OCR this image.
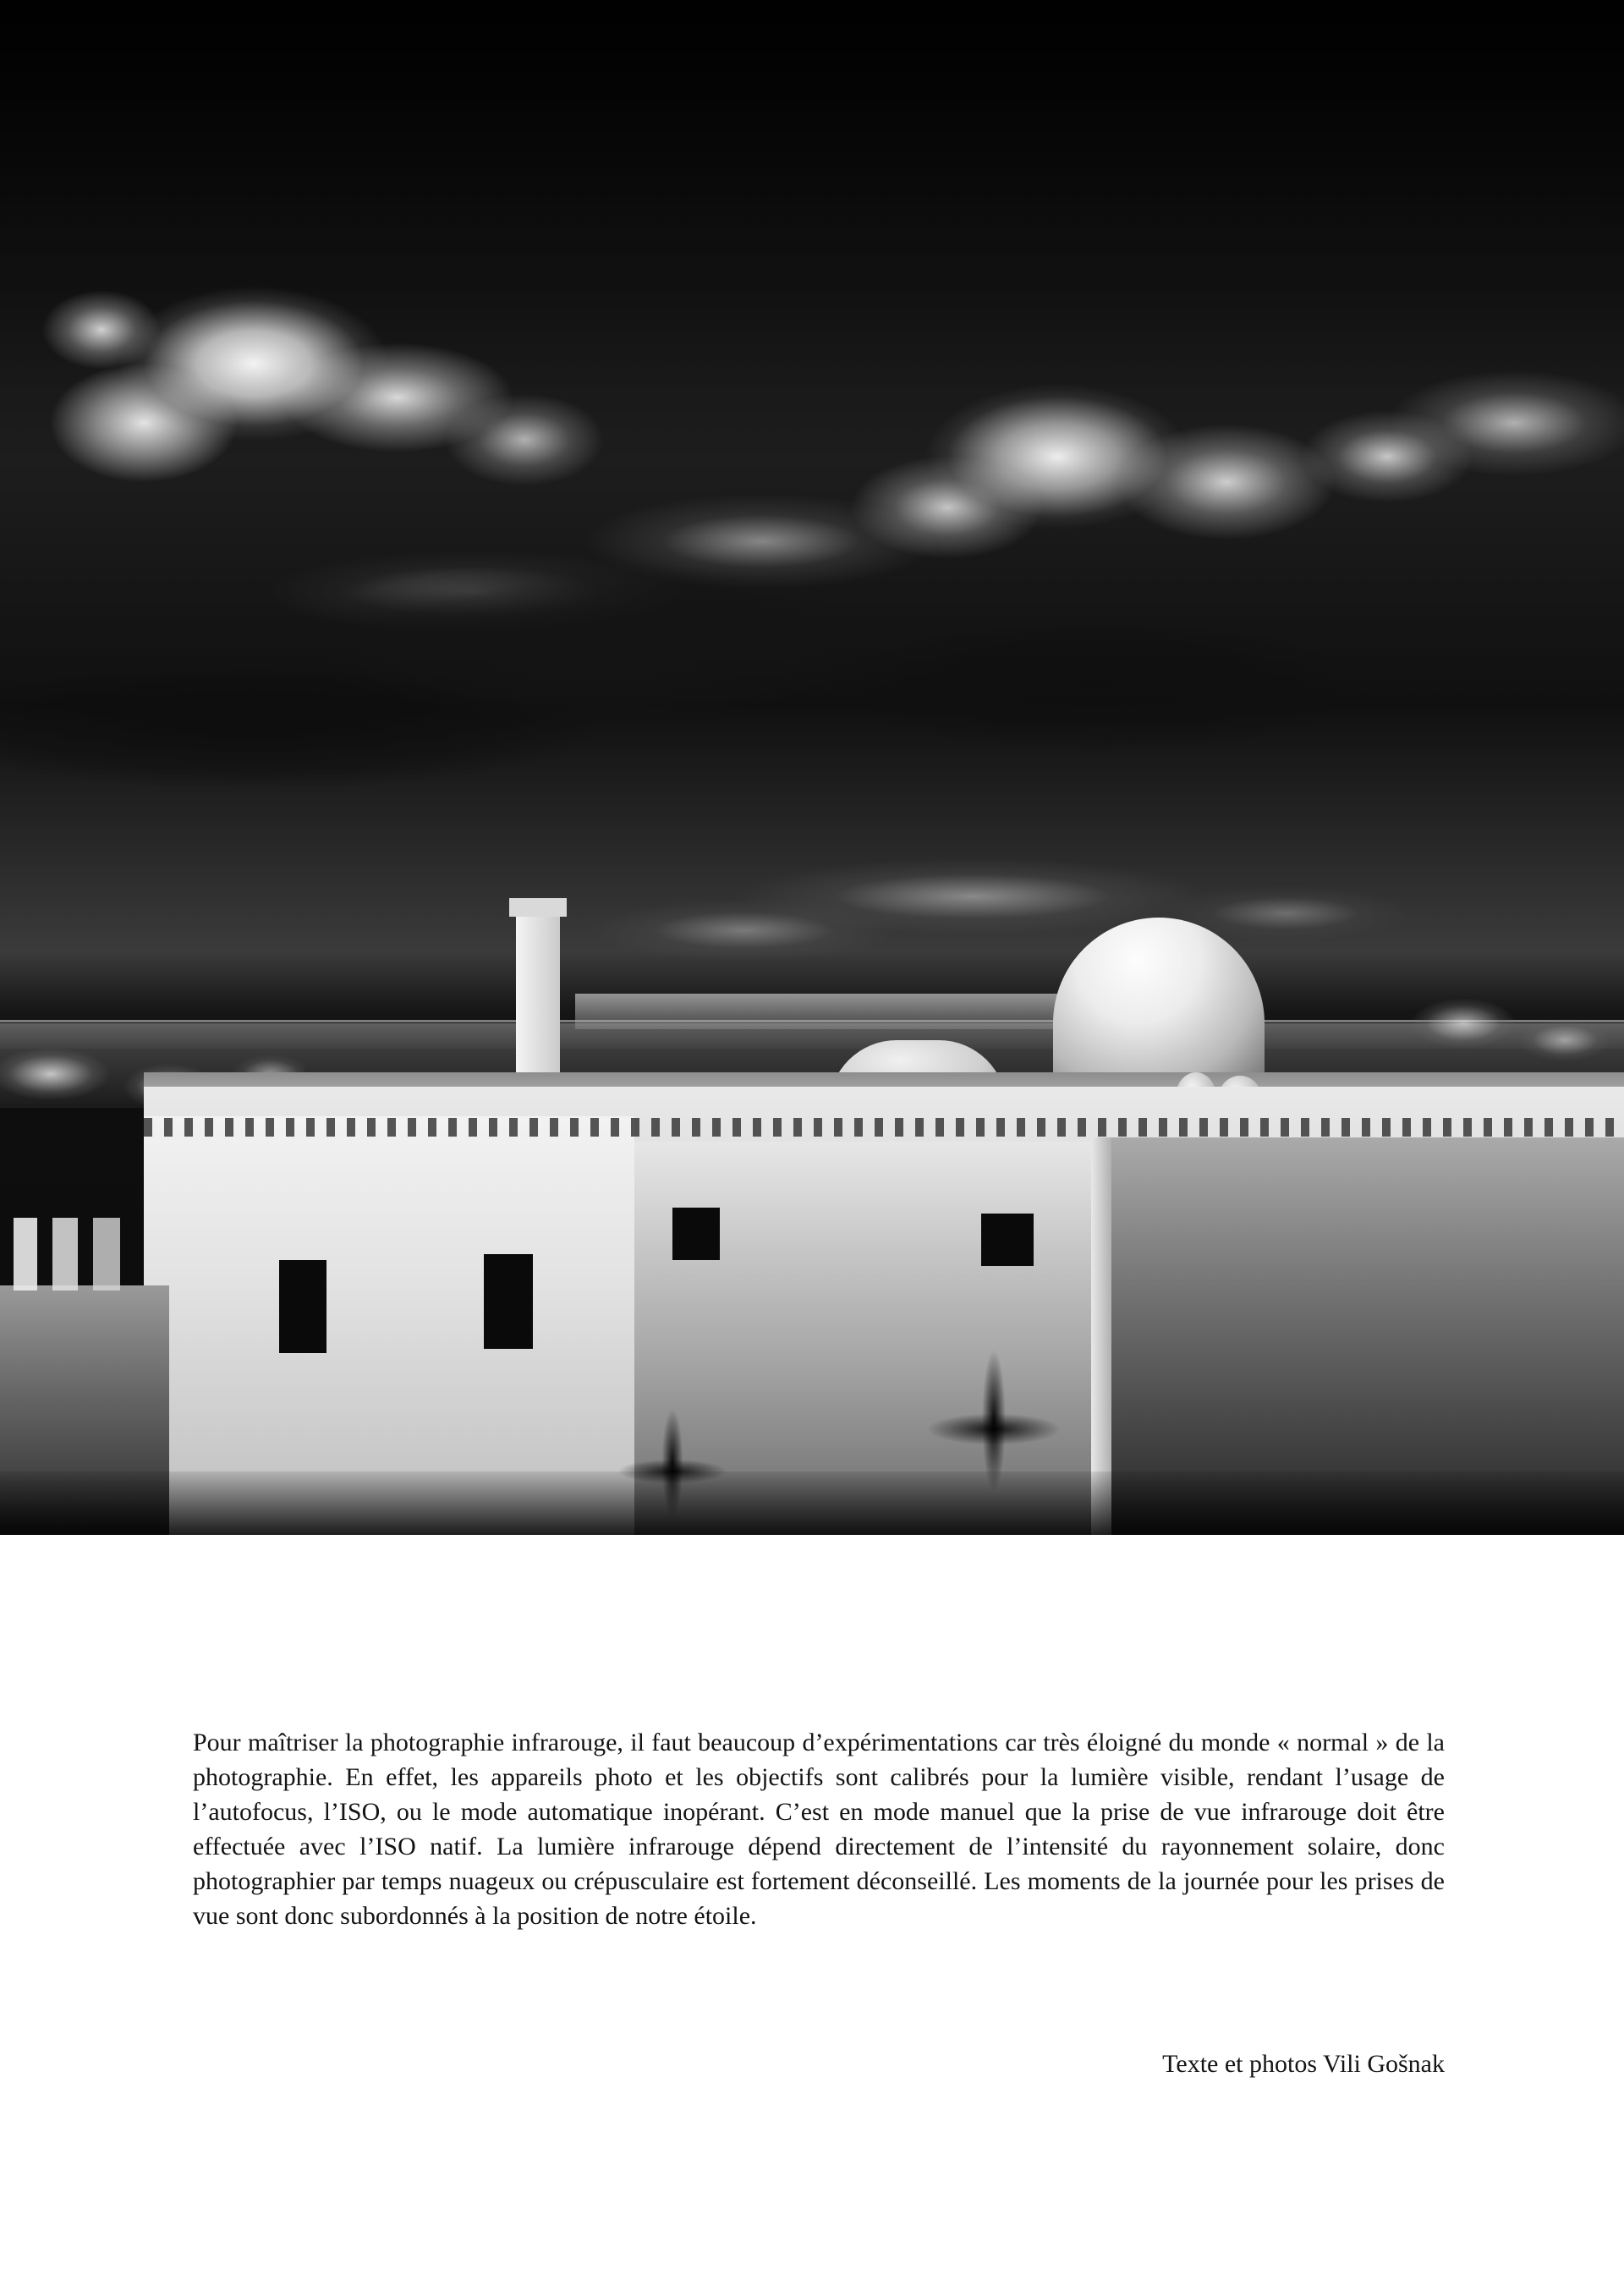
Pour maîtriser la photographie infrarouge, il faut beaucoup d’expérimentations car très éloigné du monde « normal » de la photographie. En effet, les appareils photo et les objectifs sont calibrés pour la lumière visible, rendant l’usage de l’autofocus, l’ISO, ou le mode automatique inopérant. C’est en mode manuel que la prise de vue infrarouge doit être effectuée avec l’ISO natif. La lumière infrarouge dépend directement de l’intensité du rayonnement solaire, donc photographier par temps nuageux ou crépusculaire est fortement déconseillé. Les moments de la journée pour les prises de vue sont donc subordonnés à la position de notre étoile.

Texte et photos Vili Gošnak
